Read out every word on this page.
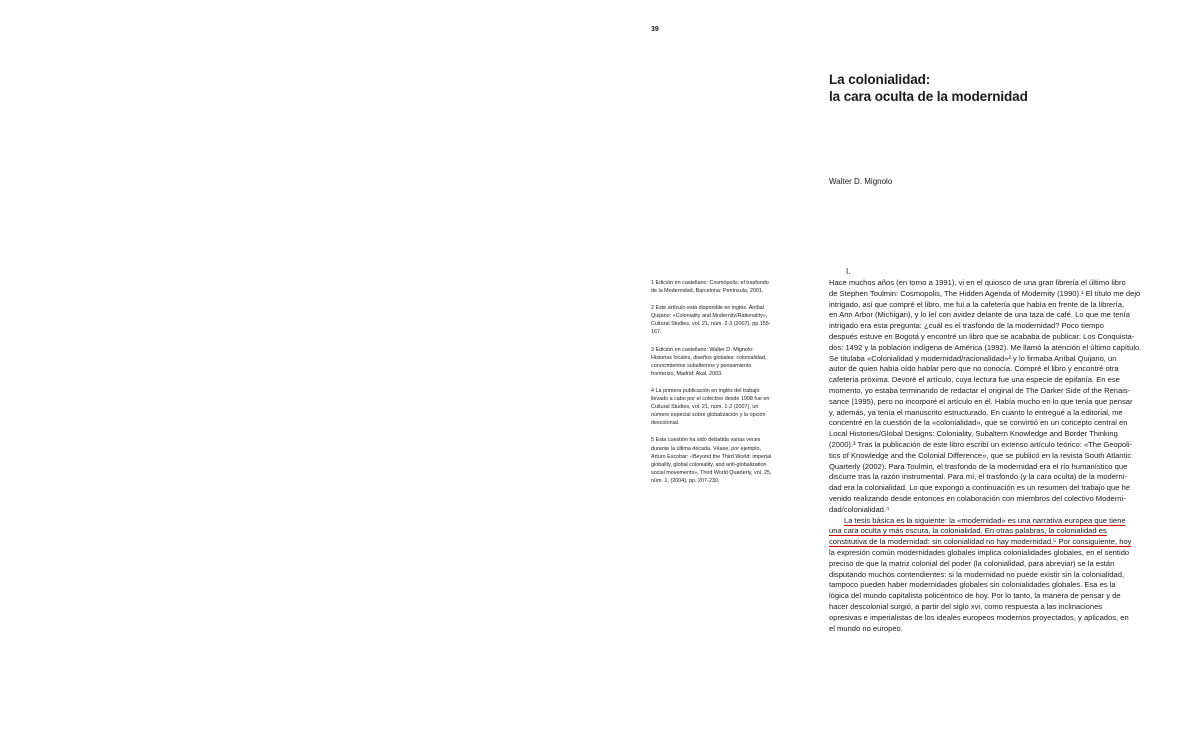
39
La colonialidad:
la cara oculta de la modernidad
Walter D. Mignolo

1 Edición en castellano: Cosmópolis: el trasfondo de la Modernidad, Barcelona: Península, 2001.

2 Este artículo está disponible en inglés. Aníbal Quijano: «Coloniality and Modernity/Rationality», Cultural Studies, vol. 21, núm. 2-3 (2007), pp.155-167.

3 Edición en castellano: Walter D. Mignolo: Historias locales, diseños globales: colonialidad, conocimientos subalternos y pensamiento fronterizo, Madrid: Akal, 2003.

4 La primera publicación en inglés del trabajo llevado a cabo por el colectivo desde 1998 fue en Cultural Studies, vol. 21, núm. 1-2 (2007), un número especial sobre globalización y la opción descolonial.

5 Esta cuestión ha sido debatida varias veces durante la última década. Véase, por ejemplo, Arturo Escobar: «Beyond the Third World: imperial globality, global coloniality, and anti-globalization social movements», Third World Quarterly, vol. 25, núm. 1, (2004), pp. 207-230.

I.
Hace muchos años (en torno a 1991), vi en el quiosco de una gran librería el último libro
de Stephen Toulmin: Cosmopolis, The Hidden Agenda of Modernity (1990).¹ El título me dejó
intrigado, así que compré el libro, me fui a la cafetería que había en frente de la librería,
en Ann Arbor (Michigan), y lo leí con avidez delante de una taza de café. Lo que me tenía
intrigado era esta pregunta: ¿cuál es el trasfondo de la modernidad? Poco tiempo
después estuve en Bogotá y encontré un libro que se acababa de publicar: Los Conquista-
dos: 1492 y la población indígena de América (1992). Me llamó la atención el último capítulo.
Se titulaba «Colonialidad y modernidad/racionalidad»² y lo firmaba Aníbal Quijano, un
autor de quien había oído hablar pero que no conocía. Compré el libro y encontré otra
cafetería próxima. Devoré el artículo, cuya lectura fue una especie de epifanía. En ese
momento, yo estaba terminando de redactar el original de The Darker Side of the Renais-
sance (1995), pero no incorporé el artículo en él. Había mucho en lo que tenía que pensar
y, además, ya tenía el manuscrito estructurado. En cuanto lo entregué a la editorial, me
concentré en la cuestión de la «colonialidad», que se convirtió en un concepto central en
Local Histories/Global Designs: Coloniality, Subaltern Knowledge and Border Thinking
(2000).³ Tras la publicación de este libro escribí un extenso artículo teórico: «The Geopoli-
tics of Knowledge and the Colonial Difference», que se publicó en la revista South Atlantic
Quarterly (2002). Para Toulmin, el trasfondo de la modernidad era el río humanístico que
discurre tras la razón instrumental. Para mí, el trasfondo (y la cara oculta) de la moderni-
dad era la colonialidad. Lo que expongo a continuación es un resumen del trabajo que he
venido realizando desde entonces en colaboración con miembros del colectivo Moderni-
dad/colonialidad.⁴
La tesis básica es la siguiente: la «modernidad» es una narrativa europea que tiene
una cara oculta y más oscura, la colonialidad. En otras palabras, la colonialidad es
constitutiva de la modernidad: sin colonialidad no hay modernidad.⁵ Por consiguiente, hoy
la expresión común modernidades globales implica colonialidades globales, en el sentido
preciso de que la matriz colonial del poder (la colonialidad, para abreviar) se la están
disputando muchos contendientes: si la modernidad no puede existir sin la colonialidad,
tampoco pueden haber modernidades globales sin colonialidades globales. Esa es la
lógica del mundo capitalista policéntrico de hoy. Por lo tanto, la manera de pensar y de
hacer descolonial surgió, a partir del siglo xvi, como respuesta a las inclinaciones
opresivas e imperialistas de los ideales europeos modernos proyectados, y aplicados, en
el mundo no europeo.
